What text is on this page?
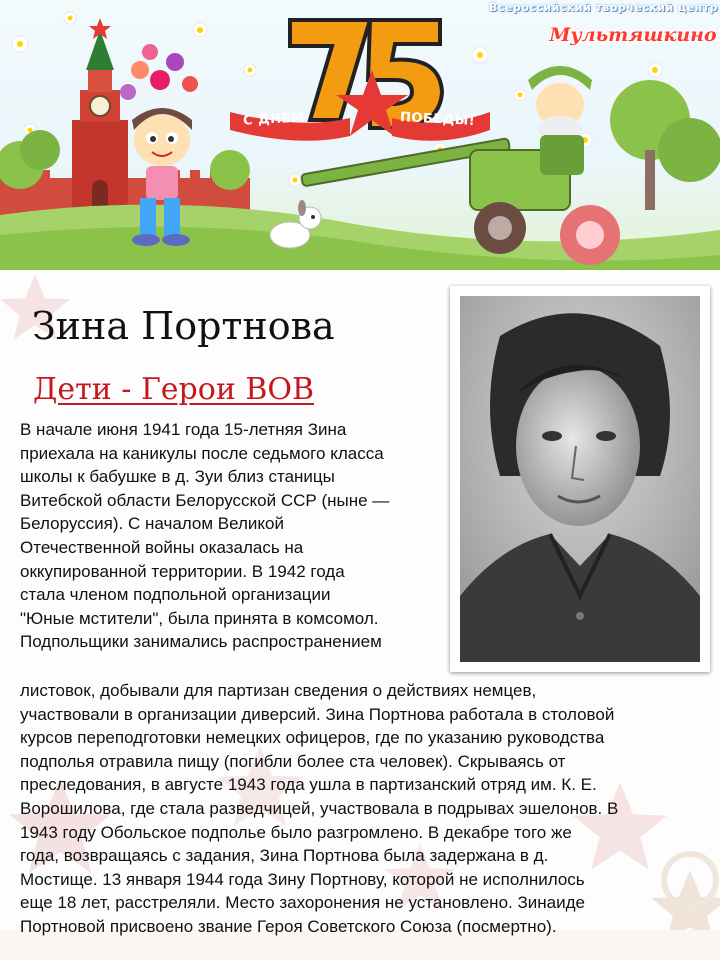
Всероссийский творческий центр
Мультяшкино
С ДНЕМ	ПОБЕДЫ!
Зина Портнова
Дети - Герои ВОВ
В начале июня 1941 года 15-летняя Зина
приехала на каникулы после седьмого класса
школы к бабушке в д. Зуи близ станицы
Витебской области Белорусской ССР (ныне —
Белоруссия). С началом Великой
Отечественной войны оказалась на
оккупированной территории. В 1942 года
стала членом подпольной организации
"Юные мстители", была принята в комсомол.
Подпольщики занимались распространением
листовок, добывали для партизан сведения о действиях немцев,
участвовали в организации диверсий. Зина Портнова работала в столовой
курсов переподготовки немецких офицеров, где по указанию руководства
подполья отравила пищу (погибли более ста человек). Скрываясь от
преследования, в августе 1943 года ушла в партизанский отряд им. К. Е.
Ворошилова, где стала разведчицей, участвовала в подрывах эшелонов. В
1943 году Обольское подполье было разгромлено. В декабре того же
года, возвращаясь с задания, Зина Портнова была задержана в д.
Мостище. 13 января 1944 года Зину Портнову, которой не исполнилось
еще 18 лет, расстреляли. Место захоронения не установлено. Зинаиде
Портновой присвоено звание Героя Советского Союза (посмертно).
